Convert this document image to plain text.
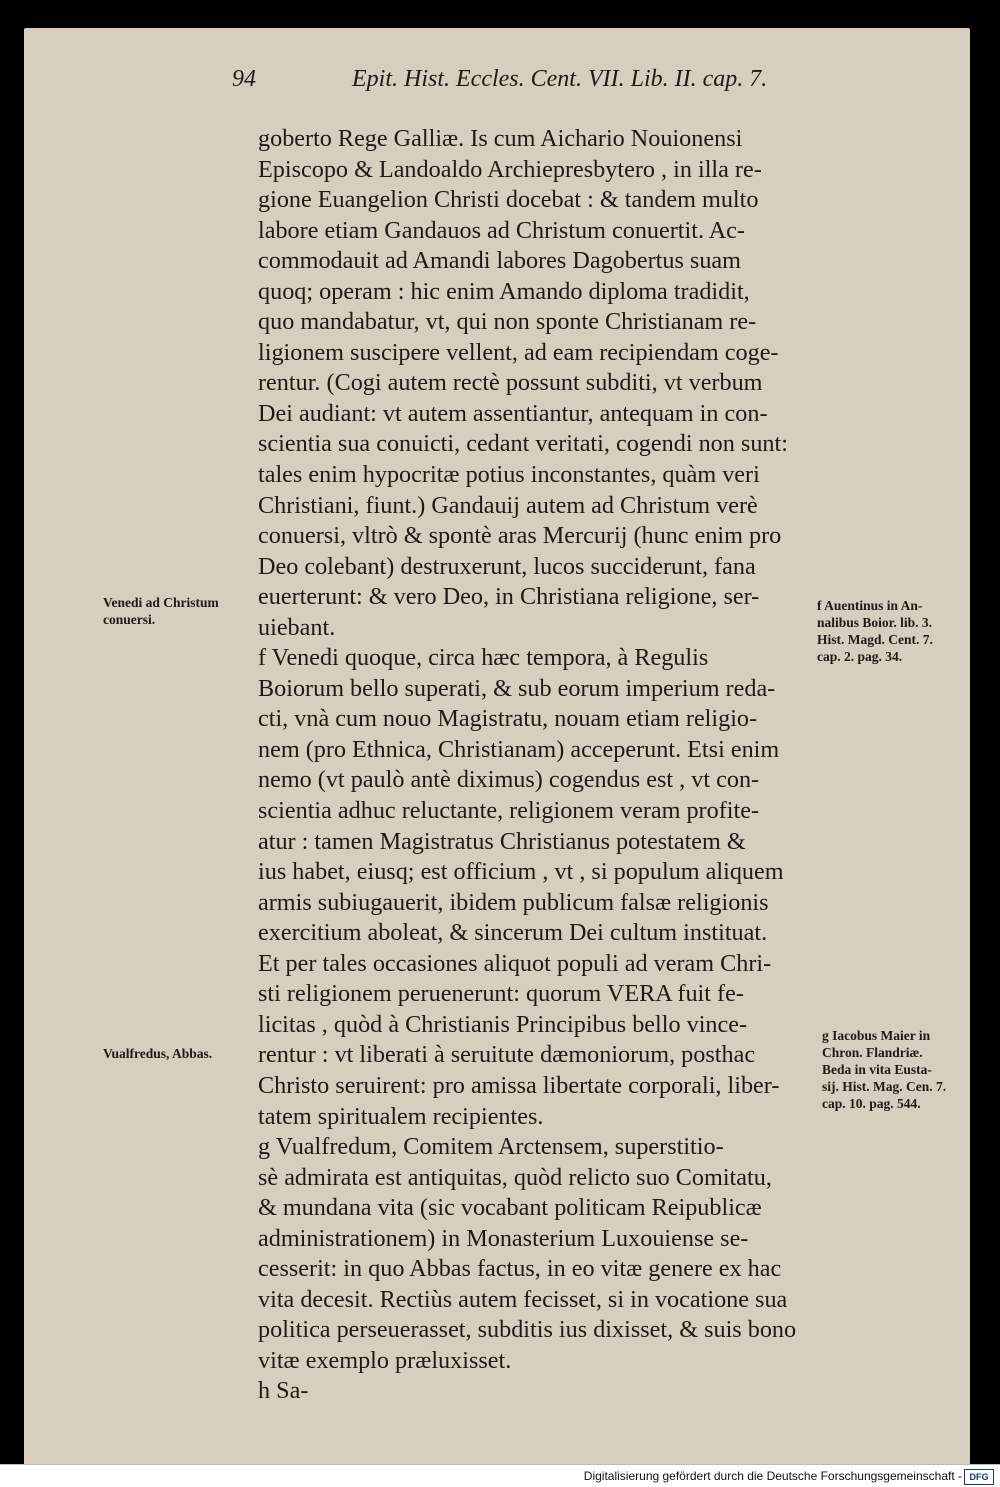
94	Epit. Hist. Eccles. Cent. VII. Lib. II. cap. 7.
goberto Rege Galliæ. Is cum Aichario Nouionensi
Episcopo & Landoaldo Archiepresbytero , in illa re-
gione Euangelion Christi docebat : & tandem multo
labore etiam Gandauos ad Christum conuertit. Ac-
commodauit ad Amandi labores Dagobertus suam
quoq; operam : hic enim Amando diploma tradidit,
quo mandabatur, vt, qui non sponte Christianam re-
ligionem suscipere vellent, ad eam recipiendam coge-
rentur. (Cogi autem rectè possunt subditi, vt verbum
Dei audiant: vt autem assentiantur, antequam in con-
scientia sua conuicti, cedant veritati, cogendi non sunt:
tales enim hypocritæ potius inconstantes, quàm veri
Christiani, fiunt.) Gandauij autem ad Christum verè
conuersi, vltrò & spontè aras Mercurij (hunc enim pro
Deo colebant) destruxerunt, lucos succiderunt, fana
euerterunt: & vero Deo, in Christiana religione, ser-
uiebant.
f Venedi quoque, circa hæc tempora, à Regulis
Boiorum bello superati, & sub eorum imperium reda-
cti, vnà cum nouo Magistratu, nouam etiam religio-
nem (pro Ethnica, Christianam) acceperunt. Etsi enim
nemo (vt paulò antè diximus) cogendus est , vt con-
scientia adhuc reluctante, religionem veram profite-
atur : tamen Magistratus Christianus potestatem &
ius habet, eiusq; est officium , vt , si populum aliquem
armis subiugauerit, ibidem publicum falsæ religionis
exercitium aboleat, & sincerum Dei cultum instituat.
Et per tales occasiones aliquot populi ad veram Chri-
sti religionem peruenerunt: quorum VERA fuit fe-
licitas , quòd à Christianis Principibus bello vince-
rentur : vt liberati à seruitute dæmoniorum, posthac
Christo seruirent: pro amissa libertate corporali, liber-
tatem spiritualem recipientes.
g Vualfredum, Comitem Arctensem, superstitio-
sè admirata est antiquitas, quòd relicto suo Comitatu,
& mundana vita (sic vocabant politicam Reipublicæ
administrationem) in Monasterium Luxouiense se-
cesserit: in quo Abbas factus, in eo vitæ genere ex hac
vita decesit. Rectiùs autem fecisset, si in vocatione sua
politica perseuerasset, subditis ius dixisset, & suis bono
vitæ exemplo præluxisset.
h Sa-
Venedi ad Christum
conuersi.
Vualfredus, Abbas.
f Auentinus in An-
nalibus Boior. lib. 3.
Hist. Magd. Cent. 7.
cap. 2. pag. 34.
g Iacobus Maier in
Chron. Flandriæ.
Beda in vita Eusta-
sij. Hist. Mag. Cen. 7.
cap. 10. pag. 544.
Digitalisierung gefördert durch die Deutsche Forschungsgemeinschaft - DFG
